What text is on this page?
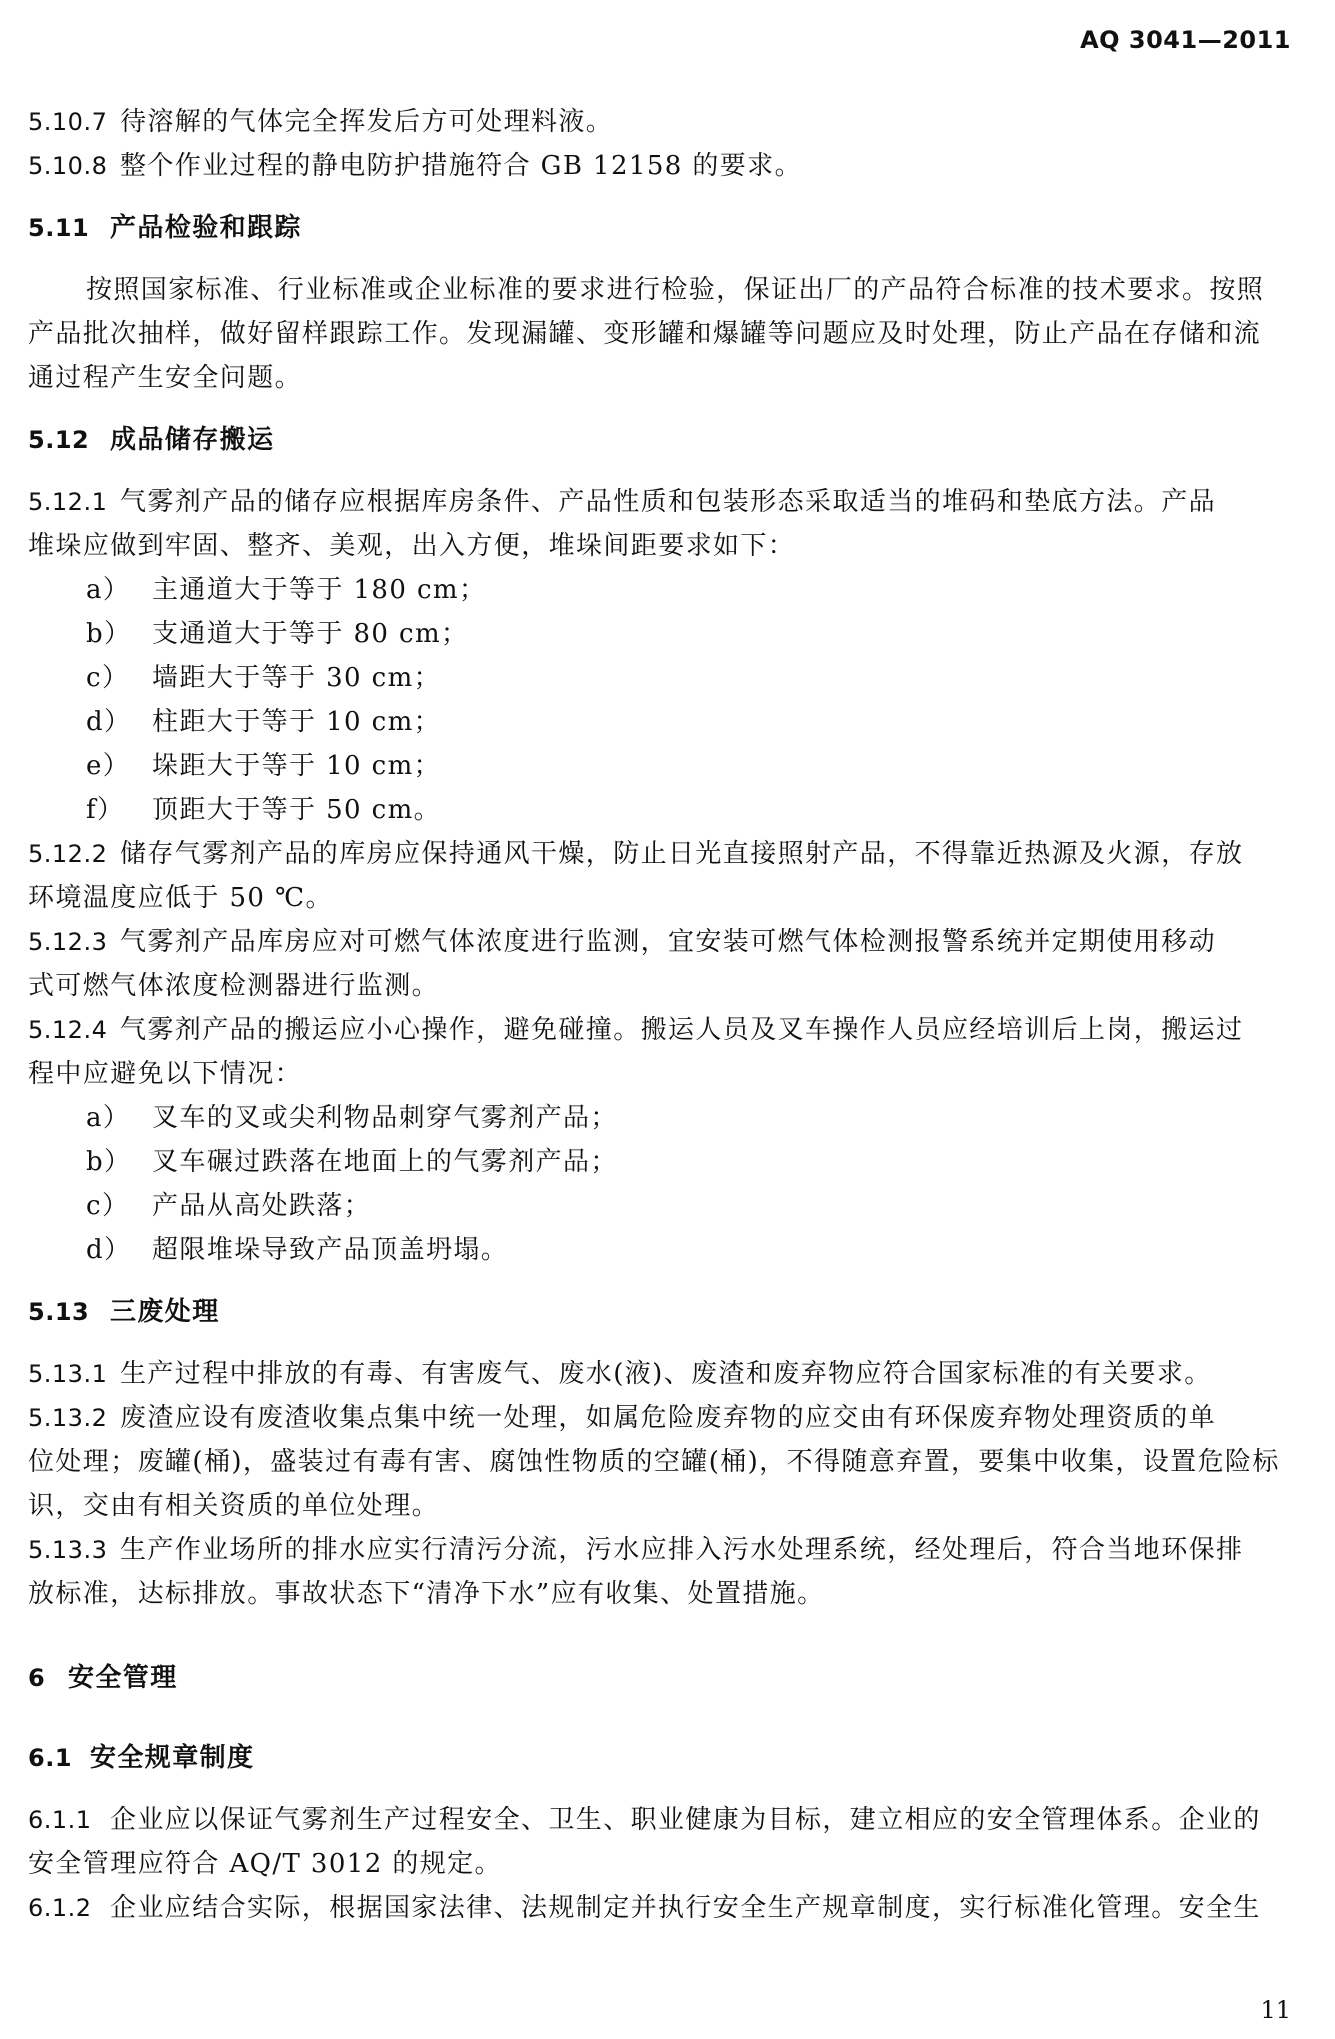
AQ 3041—2011
5.10.7 待溶解的气体完全挥发后方可处理料液。
5.10.8 整个作业过程的静电防护措施符合 GB 12158 的要求。
5.11 产品检验和跟踪
按照国家标准、行业标准或企业标准的要求进行检验，保证出厂的产品符合标准的技术要求。按照
产品批次抽样，做好留样跟踪工作。发现漏罐、变形罐和爆罐等问题应及时处理，防止产品在存储和流
通过程产生安全问题。
5.12 成品储存搬运
5.12.1 气雾剂产品的储存应根据库房条件、产品性质和包装形态采取适当的堆码和垫底方法。产品
堆垛应做到牢固、整齐、美观，出入方便，堆垛间距要求如下：
a） 主通道大于等于 180 cm；
b） 支通道大于等于 80 cm；
c） 墙距大于等于 30 cm；
d） 柱距大于等于 10 cm；
e） 垛距大于等于 10 cm；
f） 顶距大于等于 50 cm。
5.12.2 储存气雾剂产品的库房应保持通风干燥，防止日光直接照射产品，不得靠近热源及火源，存放
环境温度应低于 50 ℃。
5.12.3 气雾剂产品库房应对可燃气体浓度进行监测，宜安装可燃气体检测报警系统并定期使用移动
式可燃气体浓度检测器进行监测。
5.12.4 气雾剂产品的搬运应小心操作，避免碰撞。搬运人员及叉车操作人员应经培训后上岗，搬运过
程中应避免以下情况：
a） 叉车的叉或尖利物品刺穿气雾剂产品；
b） 叉车碾过跌落在地面上的气雾剂产品；
c） 产品从高处跌落；
d） 超限堆垛导致产品顶盖坍塌。
5.13 三废处理
5.13.1 生产过程中排放的有毒、有害废气、废水(液)、废渣和废弃物应符合国家标准的有关要求。
5.13.2 废渣应设有废渣收集点集中统一处理，如属危险废弃物的应交由有环保废弃物处理资质的单
位处理；废罐(桶)，盛装过有毒有害、腐蚀性物质的空罐(桶)，不得随意弃置，要集中收集，设置危险标
识，交由有相关资质的单位处理。
5.13.3 生产作业场所的排水应实行清污分流，污水应排入污水处理系统，经处理后，符合当地环保排
放标准，达标排放。事故状态下“清净下水”应有收集、处置措施。
6 安全管理
6.1 安全规章制度
6.1.1 企业应以保证气雾剂生产过程安全、卫生、职业健康为目标，建立相应的安全管理体系。企业的
安全管理应符合 AQ/T 3012 的规定。
6.1.2 企业应结合实际，根据国家法律、法规制定并执行安全生产规章制度，实行标准化管理。安全生
11
